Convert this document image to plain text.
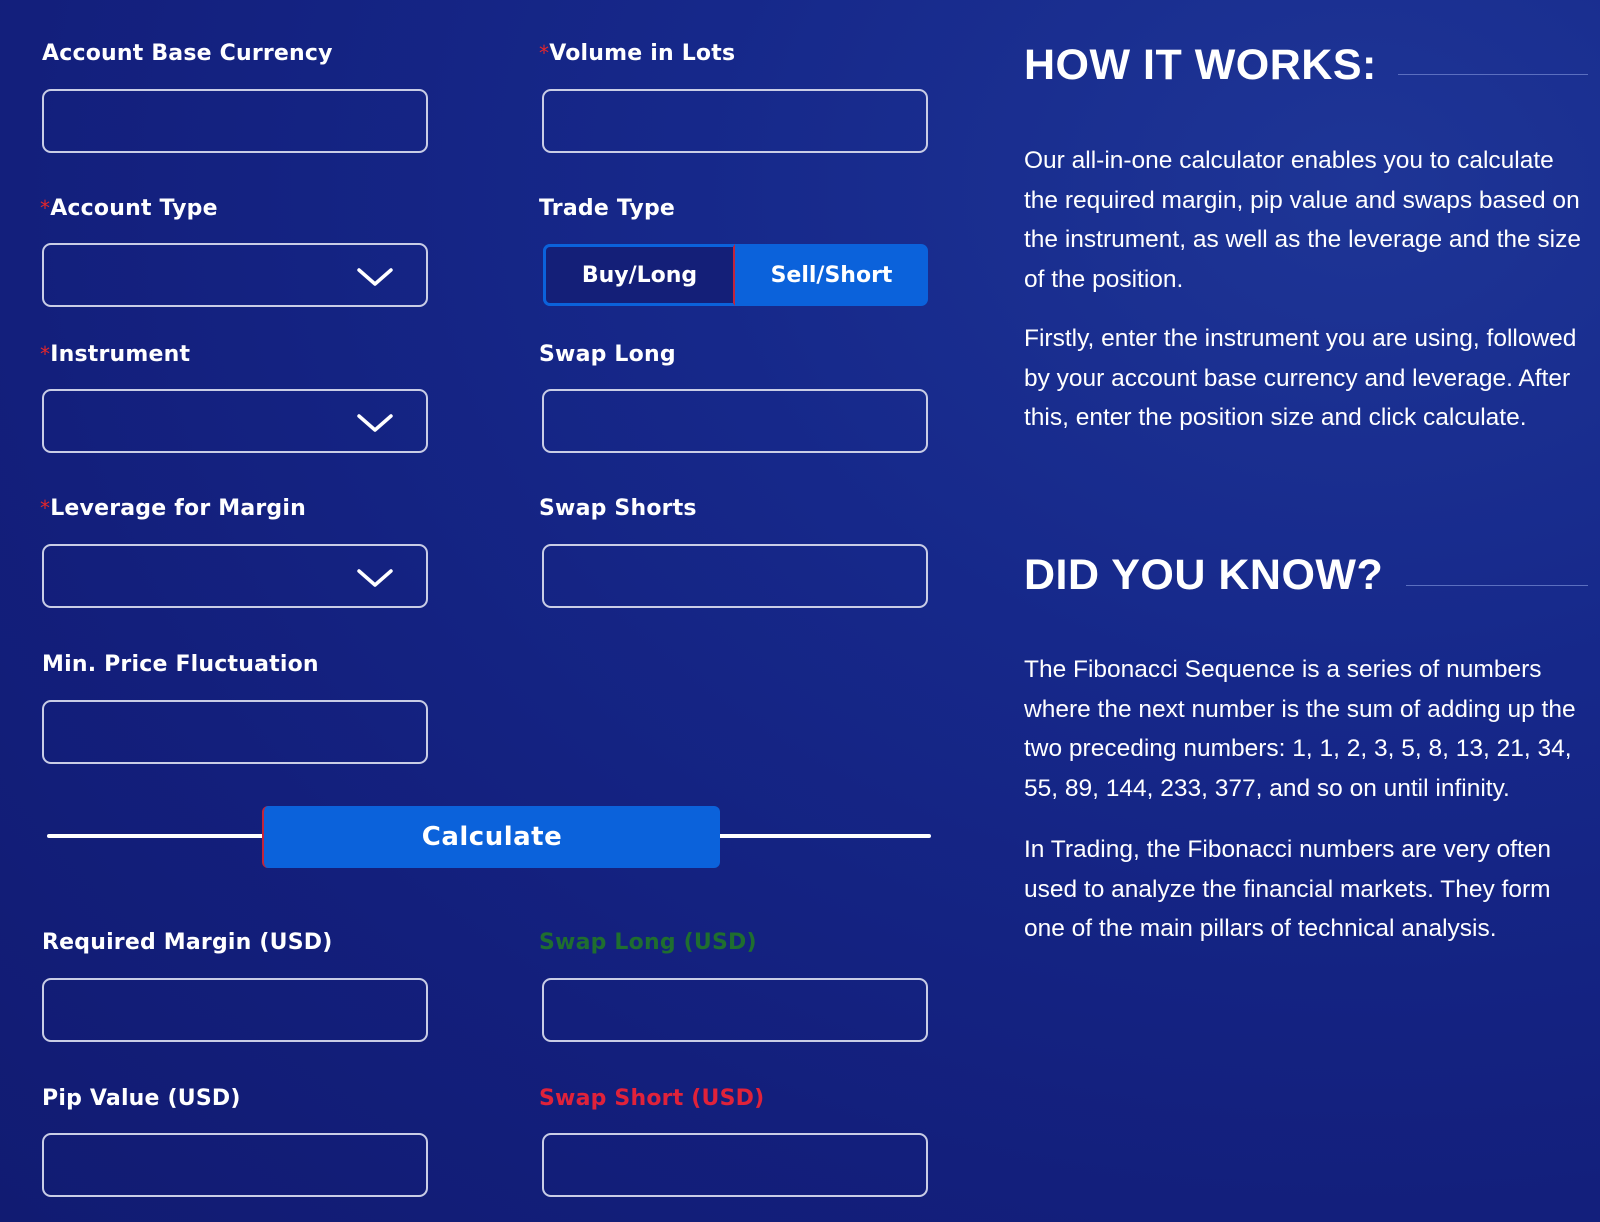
Account Base Currency	*Volume in Lots
*Account Type	Trade Type
Buy/Long	Sell/Short
*Instrument	Swap Long
*Leverage for Margin	Swap Shorts
Min. Price Fluctuation
Calculate
Required Margin (USD)	Swap Long (USD)
Pip Value (USD)	Swap Short (USD)
HOW IT WORKS:

Our all-in-one calculator enables you to calculate the required margin, pip value and swaps based on the instrument, as well as the leverage and the size of the position.

Firstly, enter the instrument you are using, followed by your account base currency and leverage. After this, enter the position size and click calculate.

DID YOU KNOW?

The Fibonacci Sequence is a series of numbers where the next number is the sum of adding up the two preceding numbers: 1, 1, 2, 3, 5, 8, 13, 21, 34, 55, 89, 144, 233, 377, and so on until infinity.

In Trading, the Fibonacci numbers are very often used to analyze the financial markets. They form one of the main pillars of technical analysis.
